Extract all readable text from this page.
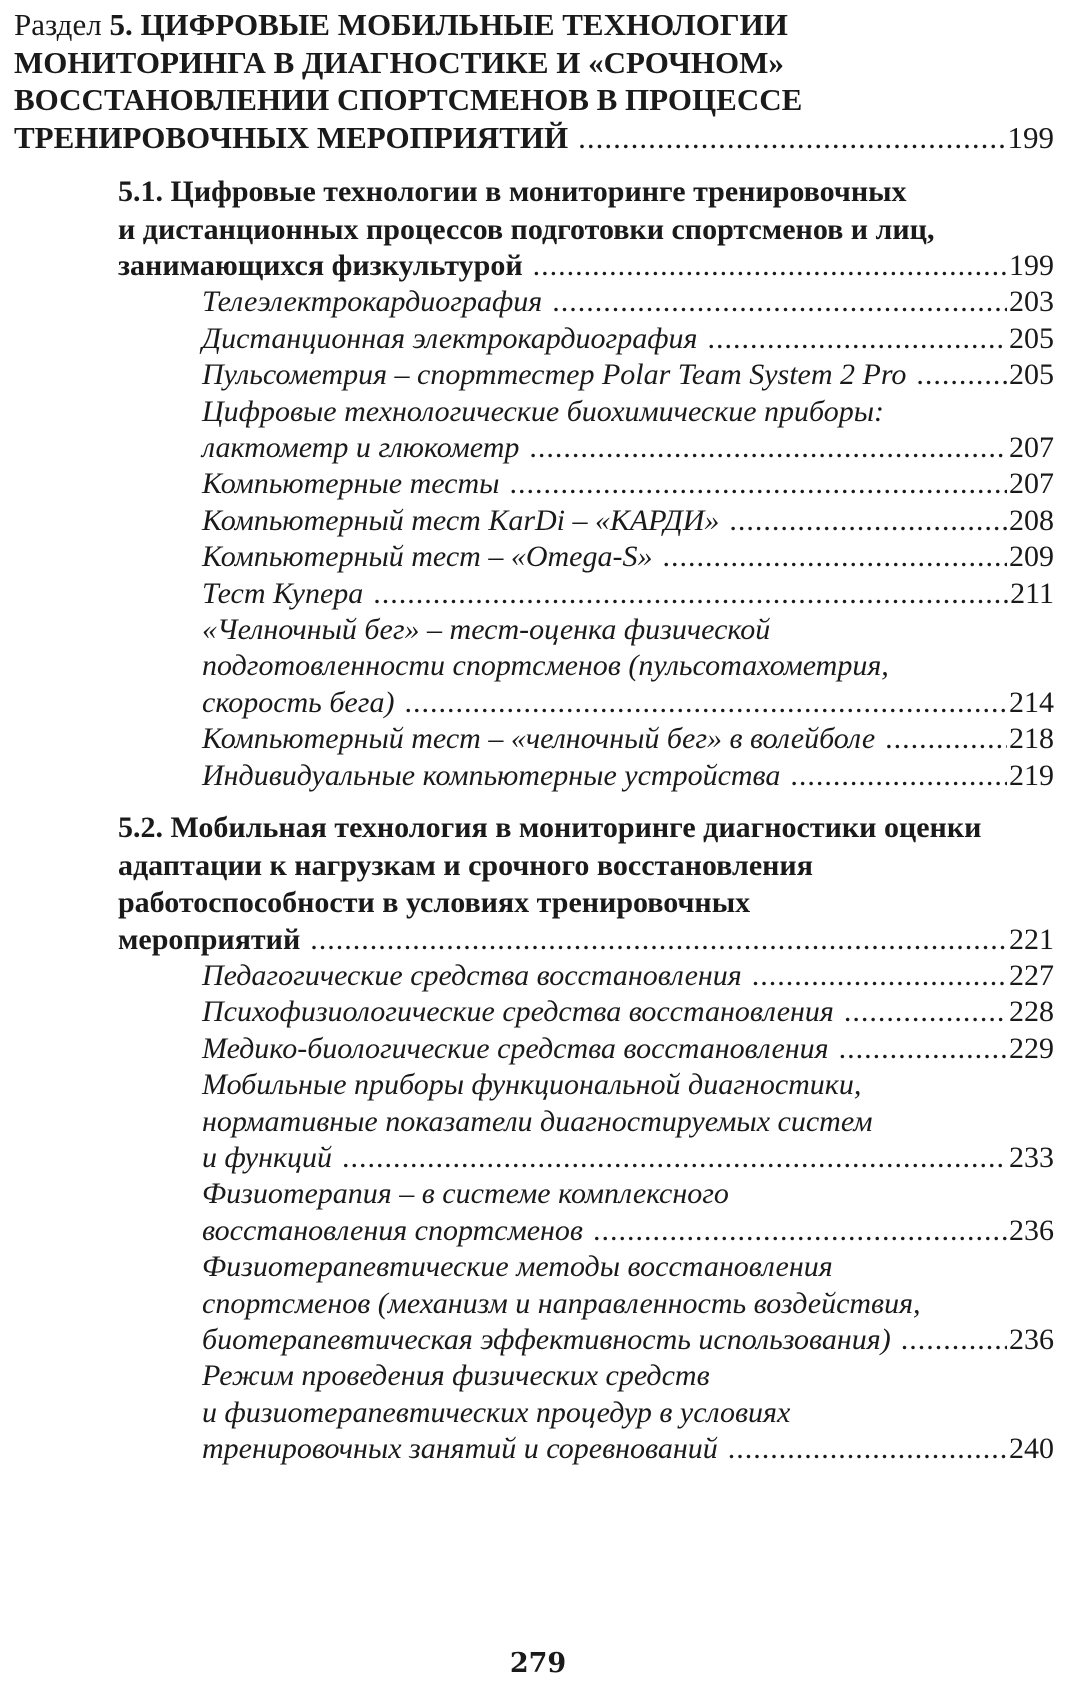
Раздел 5. ЦИФРОВЫЕ МОБИЛЬНЫЕ ТЕХНОЛОГИИ
МОНИТОРИНГА В ДИАГНОСТИКЕ И «СРОЧНОМ»
ВОССТАНОВЛЕНИИ СПОРТСМЕНОВ В ПРОЦЕССЕ
ТРЕНИРОВОЧНЫХ МЕРОПРИЯТИЙ .....	199
5.1. Цифровые технологии в мониторинге тренировочных
и дистанционных процессов подготовки спортсменов и лиц,
занимающихся физкультурой .....	199
Телеэлектрокардиография .....	203
Дистанционная электрокардиография .....	205
Пульсометрия – спорттестер Polar Team System 2 Pro .....	205
Цифровые технологические биохимические приборы:
лактометр и глюкометр .....	207
Компьютерные тесты .....	207
Компьютерный тест KarDi – «КАРДИ» .....	208
Компьютерный тест – «Omega-S» .....	209
Тест Купера .....	211
«Челночный бег» – тест-оценка физической
подготовленности спортсменов (пульсотахометрия,
скорость бега) .....	214
Компьютерный тест – «челночный бег» в волейболе .....	218
Индивидуальные компьютерные устройства .....	219
5.2. Мобильная технология в мониторинге диагностики оценки
адаптации к нагрузкам и срочного восстановления
работоспособности в условиях тренировочных
мероприятий .....	221
Педагогические средства восстановления .....	227
Психофизиологические средства восстановления .....	228
Медико-биологические средства восстановления .....	229
Мобильные приборы функциональной диагностики,
нормативные показатели диагностируемых систем
и функций .....	233
Физиотерапия – в системе комплексного
восстановления спортсменов .....	236
Физиотерапевтические методы восстановления
спортсменов (механизм и направленность воздействия,
биотерапевтическая эффективность использования) .....	236
Режим проведения физических средств
и физиотерапевтических процедур в условиях
тренировочных занятий и соревнований .....	240
279
